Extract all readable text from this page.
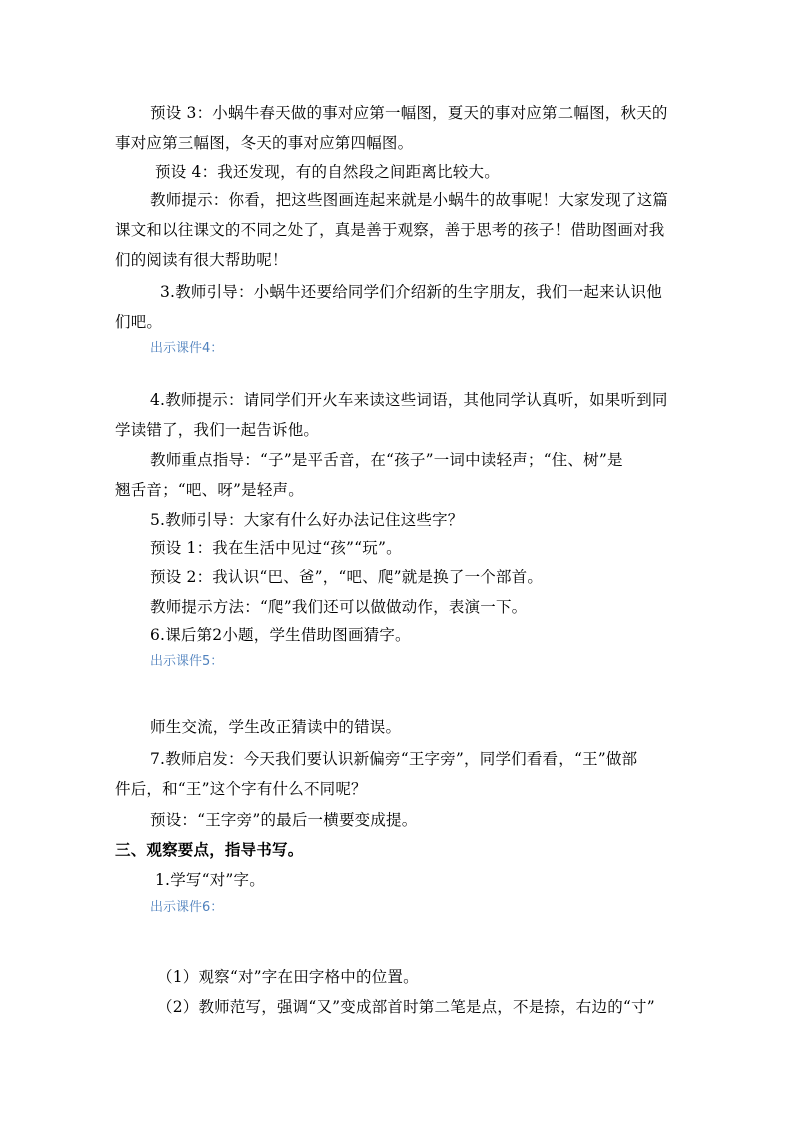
预设 3：小蜗牛春天做的事对应第一幅图，夏天的事对应第二幅图，秋天的
事对应第三幅图，冬天的事对应第四幅图。
预设 4：我还发现，有的自然段之间距离比较大。
教师提示：你看，把这些图画连起来就是小蜗牛的故事呢！大家发现了这篇
课文和以往课文的不同之处了，真是善于观察，善于思考的孩子！借助图画对我
们的阅读有很大帮助呢！
3.教师引导：小蜗牛还要给同学们介绍新的生字朋友，我们一起来认识他
们吧。
出示课件4：
4.教师提示：请同学们开火车来读这些词语，其他同学认真听，如果听到同
学读错了，我们一起告诉他。
教师重点指导：“子”是平舌音，在“孩子”一词中读轻声；“住、树”是
翘舌音；“吧、呀”是轻声。
5.教师引导：大家有什么好办法记住这些字？
预设 1：我在生活中见过“孩”“玩”。
预设 2：我认识“巴、爸”，“吧、爬”就是换了一个部首。
教师提示方法：“爬”我们还可以做做动作，表演一下。
6.课后第2小题，学生借助图画猜字。
出示课件5：
师生交流，学生改正猜读中的错误。
7.教师启发：今天我们要认识新偏旁“王字旁”，同学们看看，“王”做部
件后，和“王”这个字有什么不同呢？
预设：“王字旁”的最后一横要变成提。
三、观察要点，指导书写。
1.学写“对”字。
出示课件6：
（1）观察“对”字在田字格中的位置。
（2）教师范写，强调“又”变成部首时第二笔是点，不是捺，右边的“寸”
